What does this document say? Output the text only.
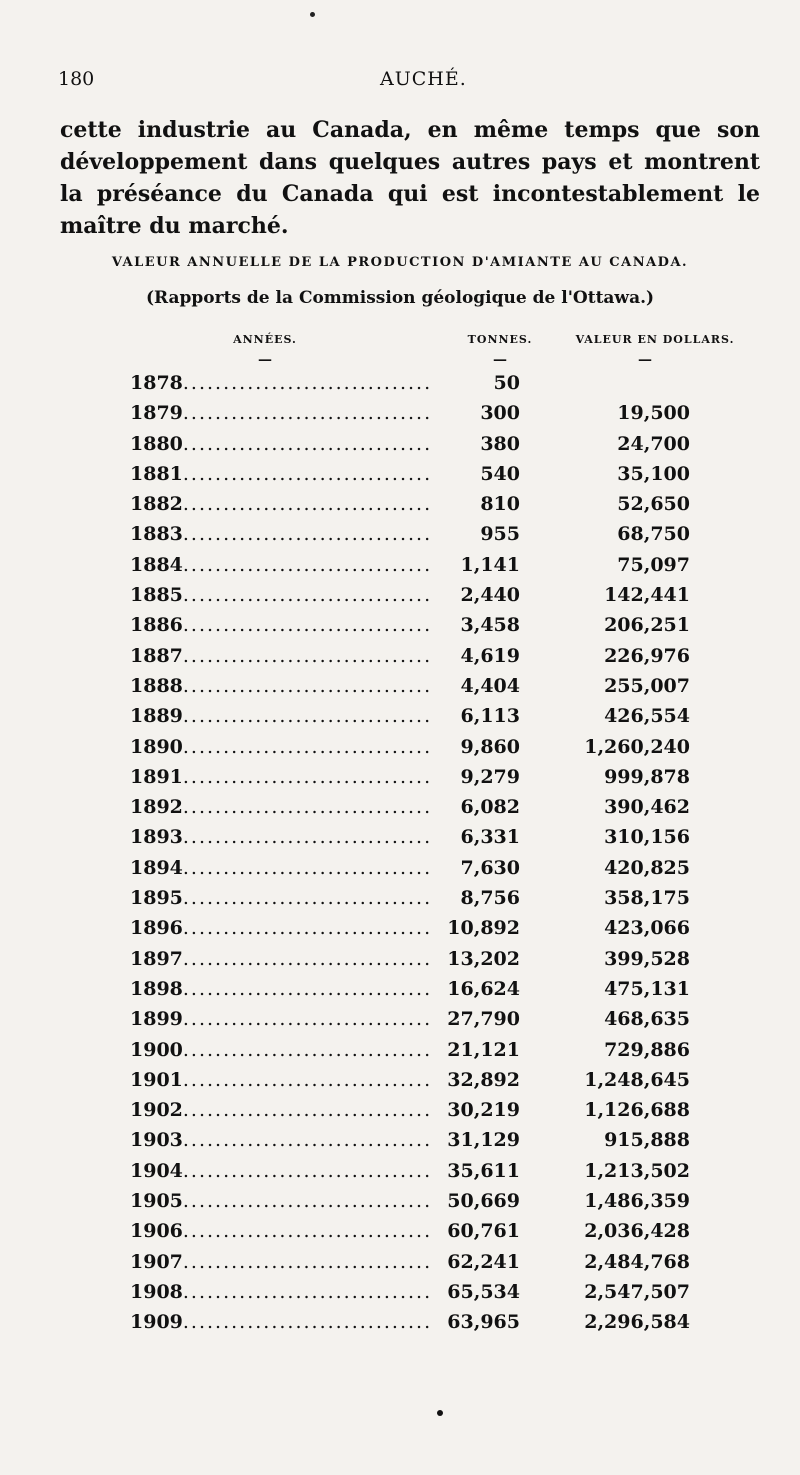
180	AUCHÉ.

cette industrie au Canada, en même temps que son développement dans quelques autres pays et montrent la préséance du Canada qui est incontestablement le maître du marché.

VALEUR ANNUELLE DE LA PRODUCTION D'AMIANTE AU CANADA.
(Rapports de la Commission géologique de l'Ottawa.)
ANNÉES.	TONNES.	VALEUR EN DOLLARS.
—	—	—
1878 .....	50
1879 .....	300	19,500
1880 .....	380	24,700
1881 .....	540	35,100
1882 .....	810	52,650
1883 .....	955	68,750
1884 .....	1,141	75,097
1885 .....	2,440	142,441
1886 .....	3,458	206,251
1887 .....	4,619	226,976
1888 .....	4,404	255,007
1889 .....	6,113	426,554
1890 .....	9,860	1,260,240
1891 .....	9,279	999,878
1892 .....	6,082	390,462
1893 .....	6,331	310,156
1894 .....	7,630	420,825
1895 .....	8,756	358,175
1896 .....	10,892	423,066
1897 .....	13,202	399,528
1898 .....	16,624	475,131
1899 .....	27,790	468,635
1900 .....	21,121	729,886
1901 .....	32,892	1,248,645
1902 .....	30,219	1,126,688
1903 .....	31,129	915,888
1904 .....	35,611	1,213,502
1905 .....	50,669	1,486,359
1906 .....	60,761	2,036,428
1907 .....	62,241	2,484,768
1908 .....	65,534	2,547,507
1909 .....	63,965	2,296,584
